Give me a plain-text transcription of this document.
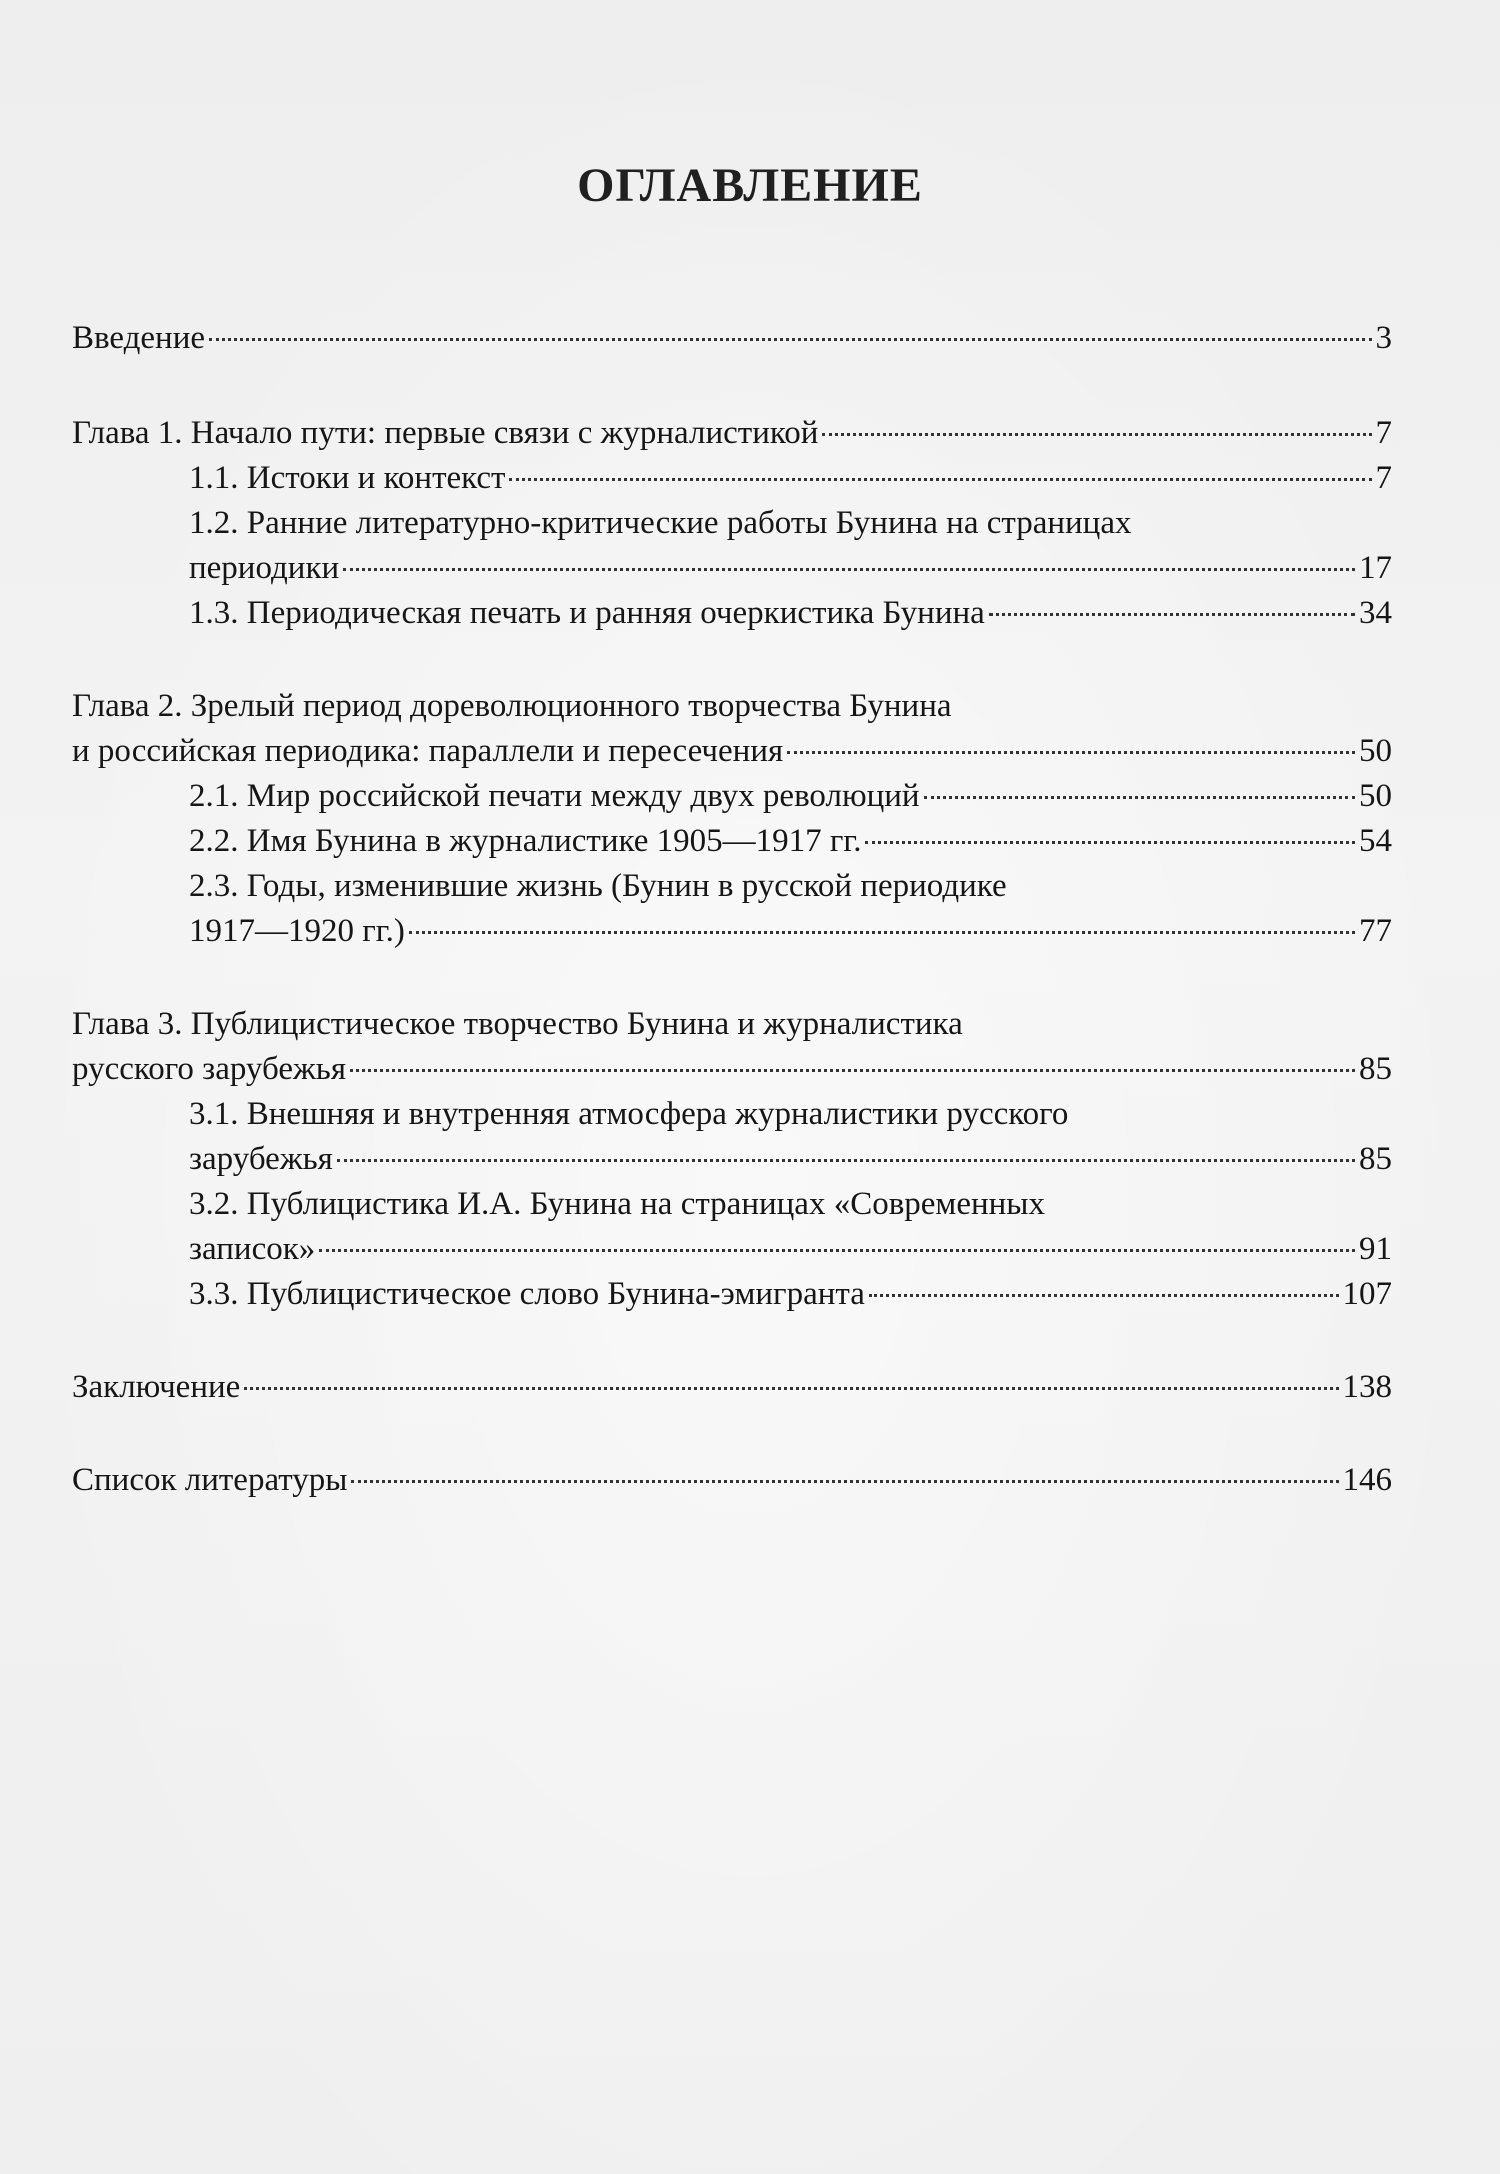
ОГЛАВЛЕНИЕ
Введение	3
Глава 1. Начало пути: первые связи с журналистикой	7
1.1. Истоки и контекст	7
1.2. Ранние литературно-критические работы Бунина на страницах
периодики	17
1.3. Периодическая печать и ранняя очеркистика Бунина	34
Глава 2. Зрелый период дореволюционного творчества Бунина
и российская периодика: параллели и пересечения	50
2.1. Мир российской печати между двух революций	50
2.2. Имя Бунина в журналистике 1905—1917 гг.	54
2.3. Годы, изменившие жизнь (Бунин в русской периодике
1917—1920 гг.)	77
Глава 3. Публицистическое творчество Бунина и журналистика
русского зарубежья	85
3.1. Внешняя и внутренняя атмосфера журналистики русского
зарубежья	85
3.2. Публицистика И.А. Бунина на страницах «Современных
записок»	91
3.3. Публицистическое слово Бунина-эмигранта	107
Заключение	138
Список литературы	146
